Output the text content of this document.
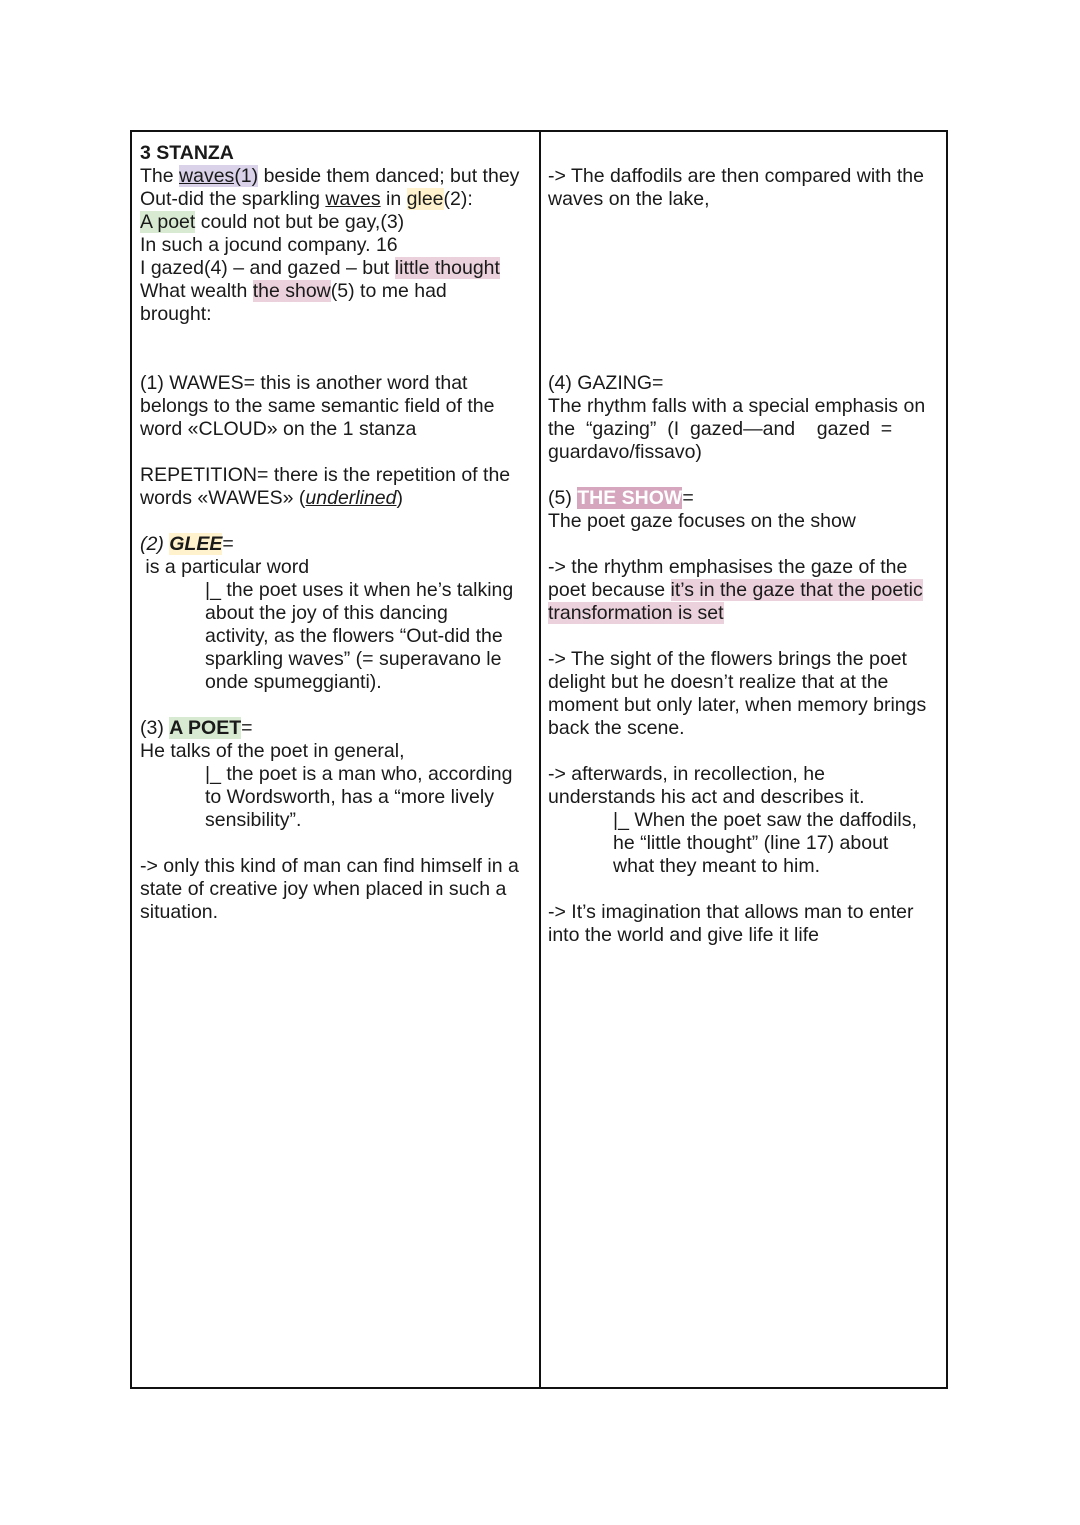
3 STANZA
The waves(1) beside them danced; but they
Out-did the sparkling waves in glee(2):
A poet could not but be gay,(3)
In such a jocund company. 16
I gazed(4) – and gazed – but little thought
What wealth the show(5) to me had
brought:
(1) WAWES= this is another word that
belongs to the same semantic field of the
word «CLOUD» on the 1 stanza
REPETITION= there is the repetition of the
words «WAWES» (underlined)
(2) GLEE=
is a particular word
|_ the poet uses it when he’s talking
about the joy of this dancing
activity, as the flowers “Out-did the
sparkling waves” (= superavano le
onde spumeggianti).
(3) A POET=
He talks of the poet in general,
|_ the poet is a man who, according
to Wordsworth, has a “more lively
sensibility”.
-> only this kind of man can find himself in a
state of creative joy when placed in such a
situation.
-> The daffodils are then compared with the
waves on the lake,
(4) GAZING=
The rhythm falls with a special emphasis on
the  “gazing”  (I  gazed—and    gazed  =
guardavo/fissavo)
(5) THE SHOW=
The poet gaze focuses on the show
-> the rhythm emphasises the gaze of the
poet because it’s in the gaze that the poetic
transformation is set
-> The sight of the flowers brings the poet
delight but he doesn’t realize that at the
moment but only later, when memory brings
back the scene.
-> afterwards, in recollection, he
understands his act and describes it.
|_ When the poet saw the daffodils,
he “little thought” (line 17) about
what they meant to him.
-> It’s imagination that allows man to enter
into the world and give life it life
